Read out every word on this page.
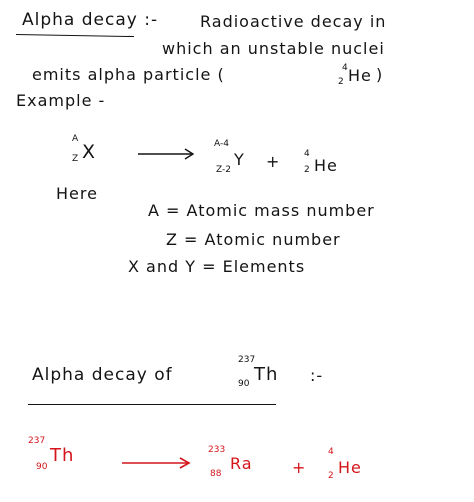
Alpha decay :-	Radioactive decay in
which an unstable nuclei
emits alpha particle (	4
2 He )
Example -
A
Z X	A-4
Z-2
Y +	4
2 He
Here
A = Atomic mass number
Z = Atomic number
X and Y = Elements
Alpha decay of
237
90 Th :-
237
90
Th	233
88
Ra +
4
2 He
